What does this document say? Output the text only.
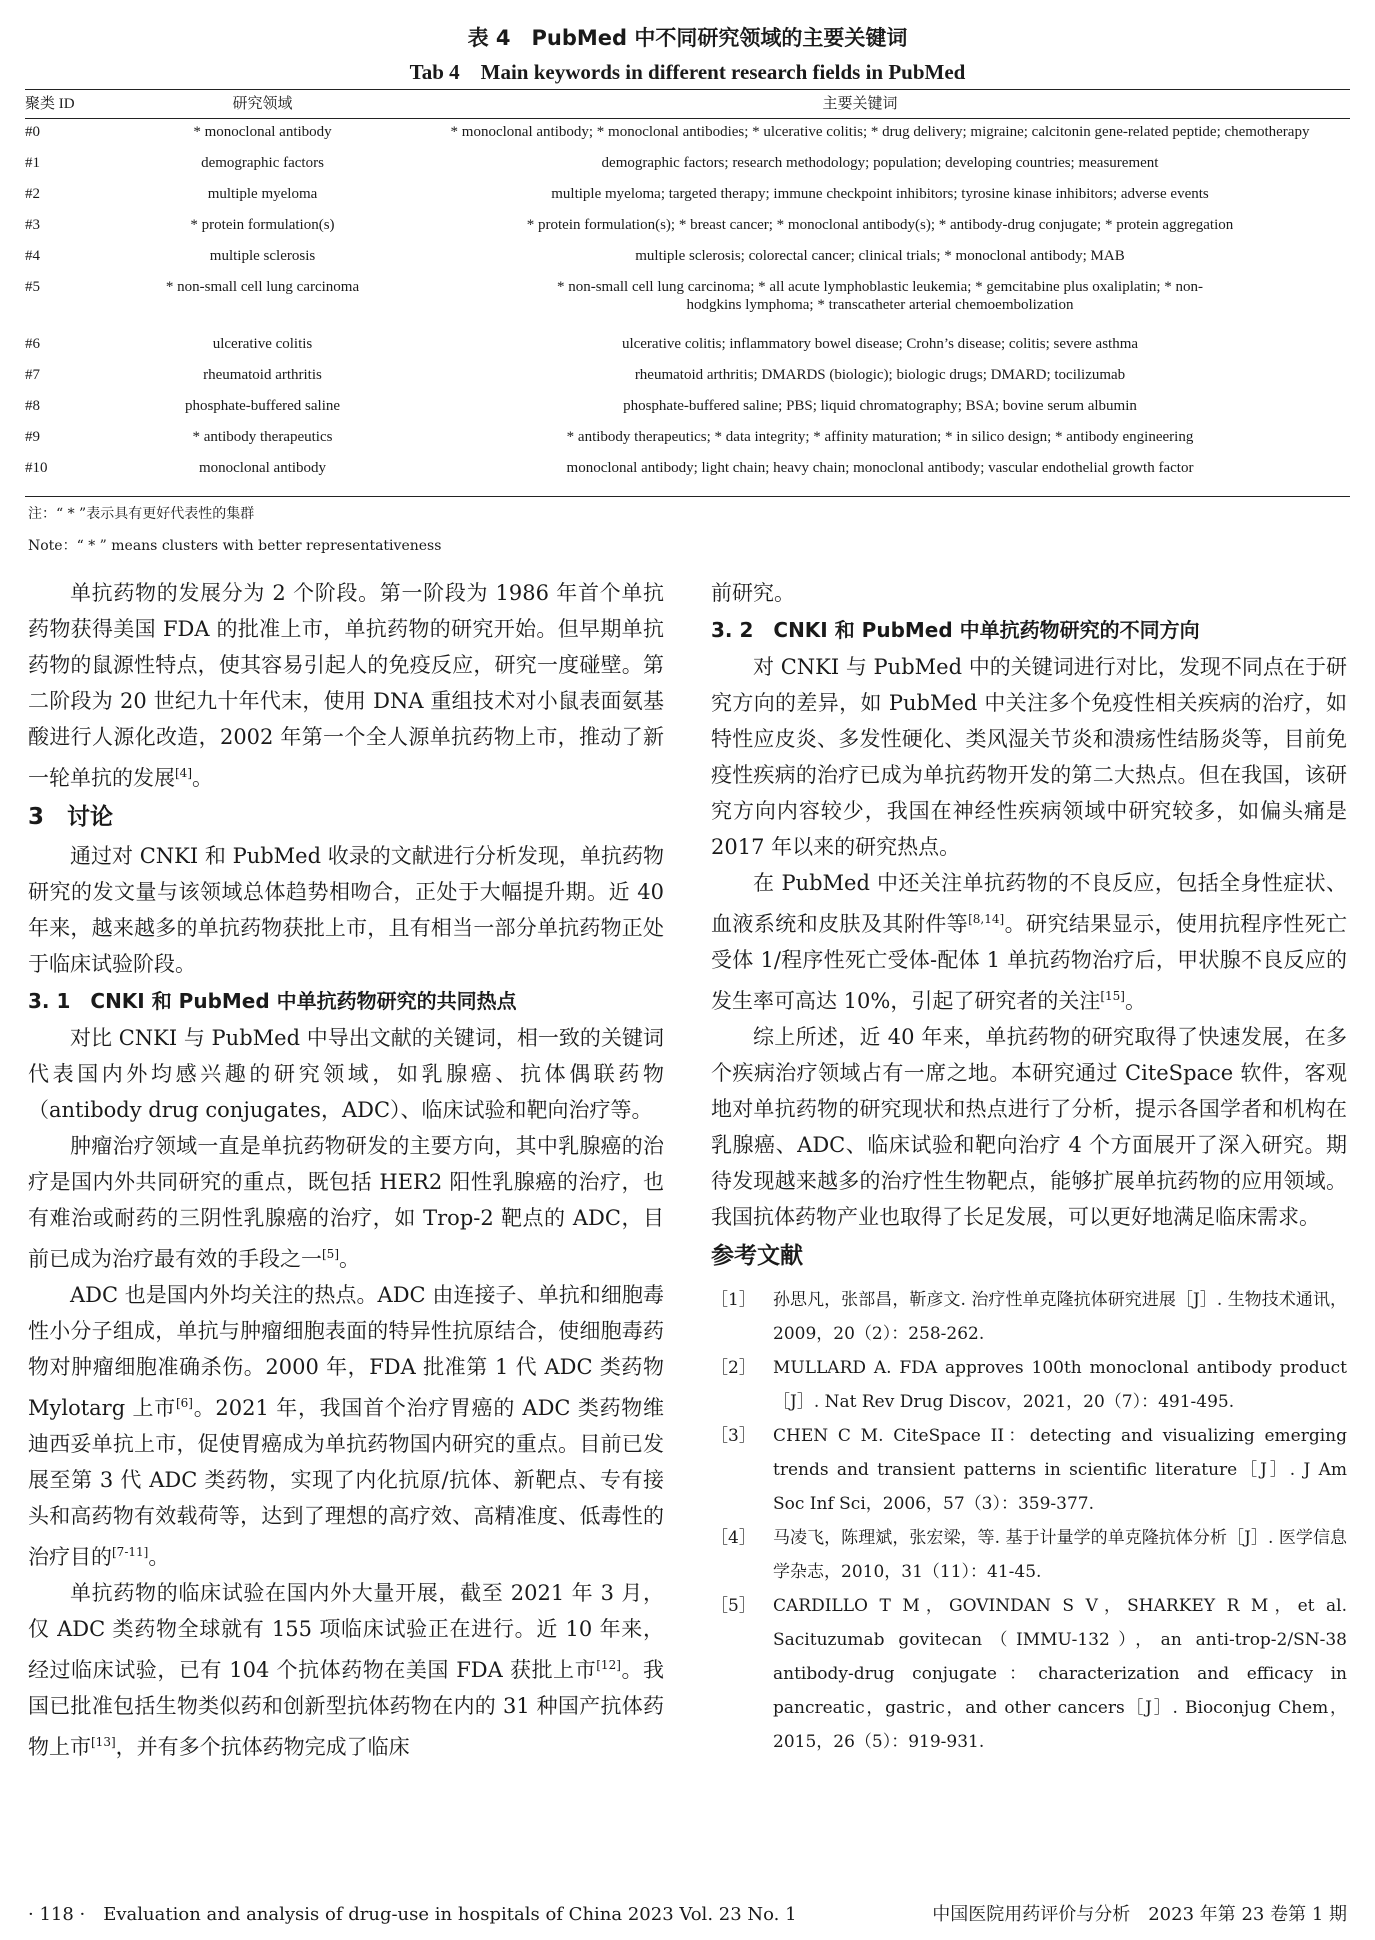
表 4　PubMed 中不同研究领域的主要关键词
Tab 4　Main keywords in different research fields in PubMed
聚类 ID	研究领域	主要关键词
#0	* monoclonal antibody	* monoclonal antibody; * monoclonal antibodies; * ulcerative colitis; * drug delivery; migraine; calcitonin gene-related peptide; chemotherapy
#1	demographic factors	demographic factors; research methodology; population; developing countries; measurement
#2	multiple myeloma	multiple myeloma; targeted therapy; immune checkpoint inhibitors; tyrosine kinase inhibitors; adverse events
#3	* protein formulation(s)	* protein formulation(s); * breast cancer; * monoclonal antibody(s); * antibody-drug conjugate; * protein aggregation
#4	multiple sclerosis	multiple sclerosis; colorectal cancer; clinical trials; * monoclonal antibody; MAB
#5	* non-small cell lung carcinoma	* non-small cell lung carcinoma; * all acute lymphoblastic leukemia; * gemcitabine plus oxaliplatin; * non-hodgkins lymphoma; * transcatheter arterial chemoembolization
#6	ulcerative colitis	ulcerative colitis; inflammatory bowel disease; Crohn’s disease; colitis; severe asthma
#7	rheumatoid arthritis	rheumatoid arthritis; DMARDS (biologic); biologic drugs; DMARD; tocilizumab
#8	phosphate-buffered saline	phosphate-buffered saline; PBS; liquid chromatography; BSA; bovine serum albumin
#9	* antibody therapeutics	* antibody therapeutics; * data integrity; * affinity maturation; * in silico design; * antibody engineering
#10	monoclonal antibody	monoclonal antibody; light chain; heavy chain; monoclonal antibody; vascular endothelial growth factor
注：“ * ”表示具有更好代表性的集群
Note：“ * ” means clusters with better representativeness

单抗药物的发展分为 2 个阶段。第一阶段为 1986 年首个单抗药物获得美国 FDA 的批准上市，单抗药物的研究开始。但早期单抗药物的鼠源性特点，使其容易引起人的免疫反应，研究一度碰壁。第二阶段为 20 世纪九十年代末，使用 DNA 重组技术对小鼠表面氨基酸进行人源化改造，2002 年第一个全人源单抗药物上市，推动了新一轮单抗的发展[4]。

3　讨论

通过对 CNKI 和 PubMed 收录的文献进行分析发现，单抗药物研究的发文量与该领域总体趋势相吻合，正处于大幅提升期。近 40 年来，越来越多的单抗药物获批上市，且有相当一部分单抗药物正处于临床试验阶段。

3. 1　CNKI 和 PubMed 中单抗药物研究的共同热点

对比 CNKI 与 PubMed 中导出文献的关键词，相一致的关键词代表国内外均感兴趣的研究领域，如乳腺癌、抗体偶联药物（antibody drug conjugates，ADC）、临床试验和靶向治疗等。

肿瘤治疗领域一直是单抗药物研发的主要方向，其中乳腺癌的治疗是国内外共同研究的重点，既包括 HER2 阳性乳腺癌的治疗，也有难治或耐药的三阴性乳腺癌的治疗，如 Trop-2 靶点的 ADC，目前已成为治疗最有效的手段之一[5]。

ADC 也是国内外均关注的热点。ADC 由连接子、单抗和细胞毒性小分子组成，单抗与肿瘤细胞表面的特异性抗原结合，使细胞毒药物对肿瘤细胞准确杀伤。2000 年，FDA 批准第 1 代 ADC 类药物 Mylotarg 上市[6]。2021 年，我国首个治疗胃癌的 ADC 类药物维迪西妥单抗上市，促使胃癌成为单抗药物国内研究的重点。目前已发展至第 3 代 ADC 类药物，实现了内化抗原/抗体、新靶点、专有接头和高药物有效载荷等，达到了理想的高疗效、高精准度、低毒性的治疗目的[7-11]。

单抗药物的临床试验在国内外大量开展，截至 2021 年 3 月，仅 ADC 类药物全球就有 155 项临床试验正在进行。近 10 年来，经过临床试验，已有 104 个抗体药物在美国 FDA 获批上市[12]。我国已批准包括生物类似药和创新型抗体药物在内的 31 种国产抗体药物上市[13]，并有多个抗体药物完成了临床

前研究。

3. 2　CNKI 和 PubMed 中单抗药物研究的不同方向

对 CNKI 与 PubMed 中的关键词进行对比，发现不同点在于研究方向的差异，如 PubMed 中关注多个免疫性相关疾病的治疗，如特性应皮炎、多发性硬化、类风湿关节炎和溃疡性结肠炎等，目前免疫性疾病的治疗已成为单抗药物开发的第二大热点。但在我国，该研究方向内容较少，我国在神经性疾病领域中研究较多，如偏头痛是 2017 年以来的研究热点。

在 PubMed 中还关注单抗药物的不良反应，包括全身性症状、血液系统和皮肤及其附件等[8,14]。研究结果显示，使用抗程序性死亡受体 1/程序性死亡受体-配体 1 单抗药物治疗后，甲状腺不良反应的发生率可高达 10%，引起了研究者的关注[15]。

综上所述，近 40 年来，单抗药物的研究取得了快速发展，在多个疾病治疗领域占有一席之地。本研究通过 CiteSpace 软件，客观地对单抗药物的研究现状和热点进行了分析，提示各国学者和机构在乳腺癌、ADC、临床试验和靶向治疗 4 个方面展开了深入研究。期待发现越来越多的治疗性生物靶点，能够扩展单抗药物的应用领域。我国抗体药物产业也取得了长足发展，可以更好地满足临床需求。

参考文献
［1］ 孙思凡，张部昌，靳彦文. 治疗性单克隆抗体研究进展［J］. 生物技术通讯，2009，20（2）：258-262.
［2］ MULLARD A. FDA approves 100th monoclonal antibody product［J］. Nat Rev Drug Discov，2021，20（7）：491-495.
［3］ CHEN C M. CiteSpace II：detecting and visualizing emerging trends and transient patterns in scientific literature［J］. J Am Soc Inf Sci，2006，57（3）：359-377.
［4］ 马凌飞，陈理斌，张宏梁，等. 基于计量学的单克隆抗体分析［J］. 医学信息学杂志，2010，31（11）：41-45.
［5］ CARDILLO T M，GOVINDAN S V，SHARKEY R M，et al. Sacituzumab govitecan（IMMU-132），an anti-trop-2/SN-38 antibody-drug conjugate：characterization and efficacy in pancreatic，gastric，and other cancers［J］. Bioconjug Chem，2015，26（5）：919-931.
· 118 ·　Evaluation and analysis of drug-use in hospitals of China 2023 Vol. 23 No. 1	中国医院用药评价与分析　2023 年第 23 卷第 1 期
